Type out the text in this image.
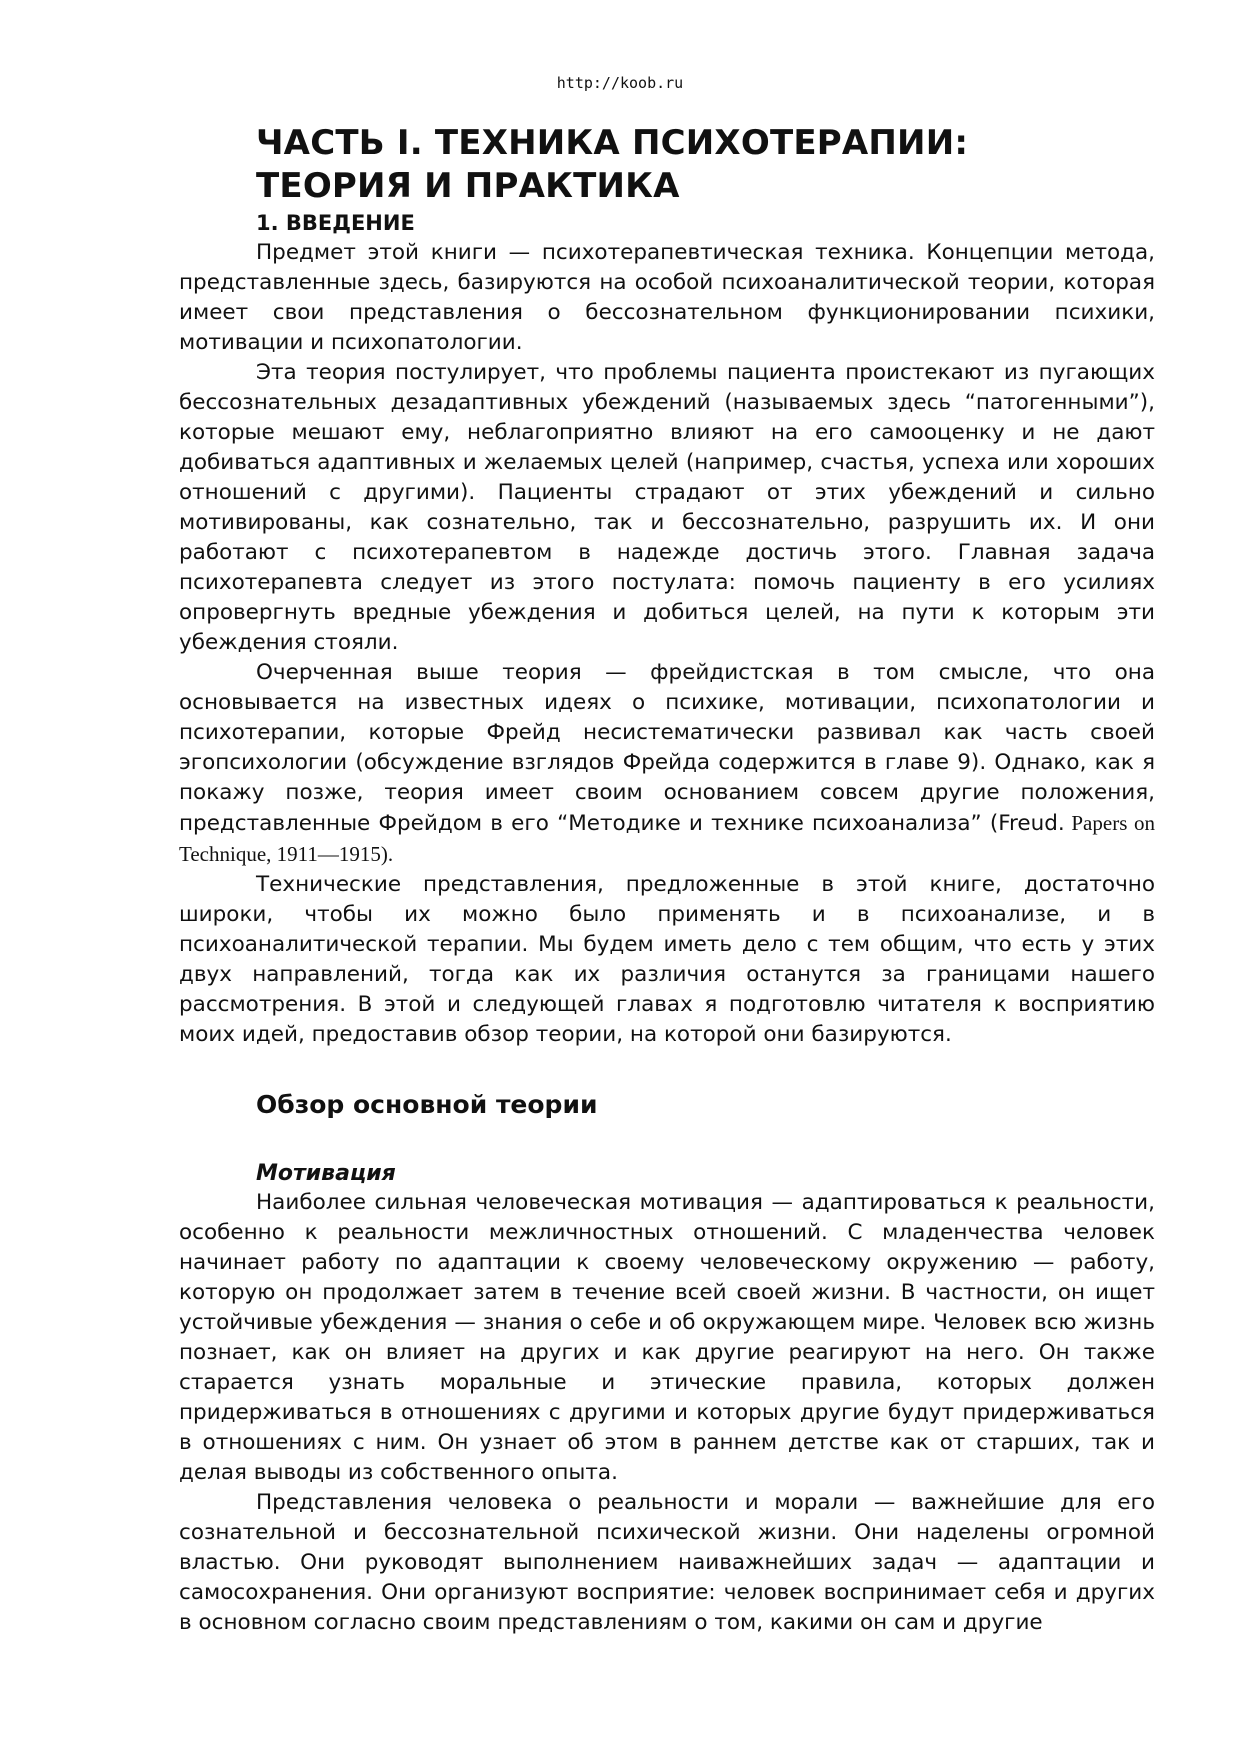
http://koob.ru
ЧАСТЬ I. ТЕХНИКА ПСИХОТЕРАПИИ:
ТЕОРИЯ И ПРАКТИКА
1. ВВЕДЕНИЕ

Предмет этой книги — психотерапевтическая техника. Концепции метода, представленные здесь, базируются на особой психоаналитической теории, которая имеет свои представления о бессознательном функционировании психики, мотивации и психопатологии.

Эта теория постулирует, что проблемы пациента проистекают из пугающих бессознательных дезадаптивных убеждений (называемых здесь “патогенными”), которые мешают ему, неблагоприятно влияют на его самооценку и не дают добиваться адаптивных и желаемых целей (например, счастья, успеха или хороших отношений с другими). Пациенты страдают от этих убеждений и сильно мотивированы, как сознательно, так и бессознательно, разрушить их. И они работают с психотерапевтом в надежде достичь этого. Главная задача психотерапевта следует из этого постулата: помочь пациенту в его усилиях опровергнуть вредные убеждения и добиться целей, на пути к которым эти убеждения стояли.

Очерченная выше теория — фрейдистская в том смысле, что она основывается на известных идеях о психике, мотивации, психопатологии и психотерапии, которые Фрейд несистематически развивал как часть своей эгопсихологии (обсуждение взглядов Фрейда содержится в главе 9). Однако, как я покажу позже, теория имеет своим основанием совсем другие положения, представленные Фрейдом в его “Методике и технике психоанализа” (Freud. Papers on Technique, 1911—1915).

Технические представления, предложенные в этой книге, достаточно широки, чтобы их можно было применять и в психоанализе, и в психоаналитической терапии. Мы будем иметь дело с тем общим, что есть у этих двух направлений, тогда как их различия останутся за границами нашего рассмотрения. В этой и следующей главах я подготовлю читателя к восприятию моих идей, предоставив обзор теории, на которой они базируются.

Обзор основной теории
Мотивация

Наиболее сильная человеческая мотивация — адаптироваться к реальности, особенно к реальности межличностных отношений. С младенчества человек начинает работу по адаптации к своему человеческому окружению — работу, которую он продолжает затем в течение всей своей жизни. В частности, он ищет устойчивые убеждения — знания о себе и об окружающем мире. Человек всю жизнь познает, как он влияет на других и как другие реагируют на него. Он также старается узнать моральные и этические правила, которых должен придерживаться в отношениях с другими и которых другие будут придерживаться в отношениях с ним. Он узнает об этом в раннем детстве как от старших, так и делая выводы из собственного опыта.

Представления человека о реальности и морали — важнейшие для его сознательной и бессознательной психической жизни. Они наделены огромной властью. Они руководят выполнением наиважнейших задач — адаптации и самосохранения. Они организуют восприятие: человек воспринимает себя и других в основном согласно своим представлениям о том, какими он сам и другие
